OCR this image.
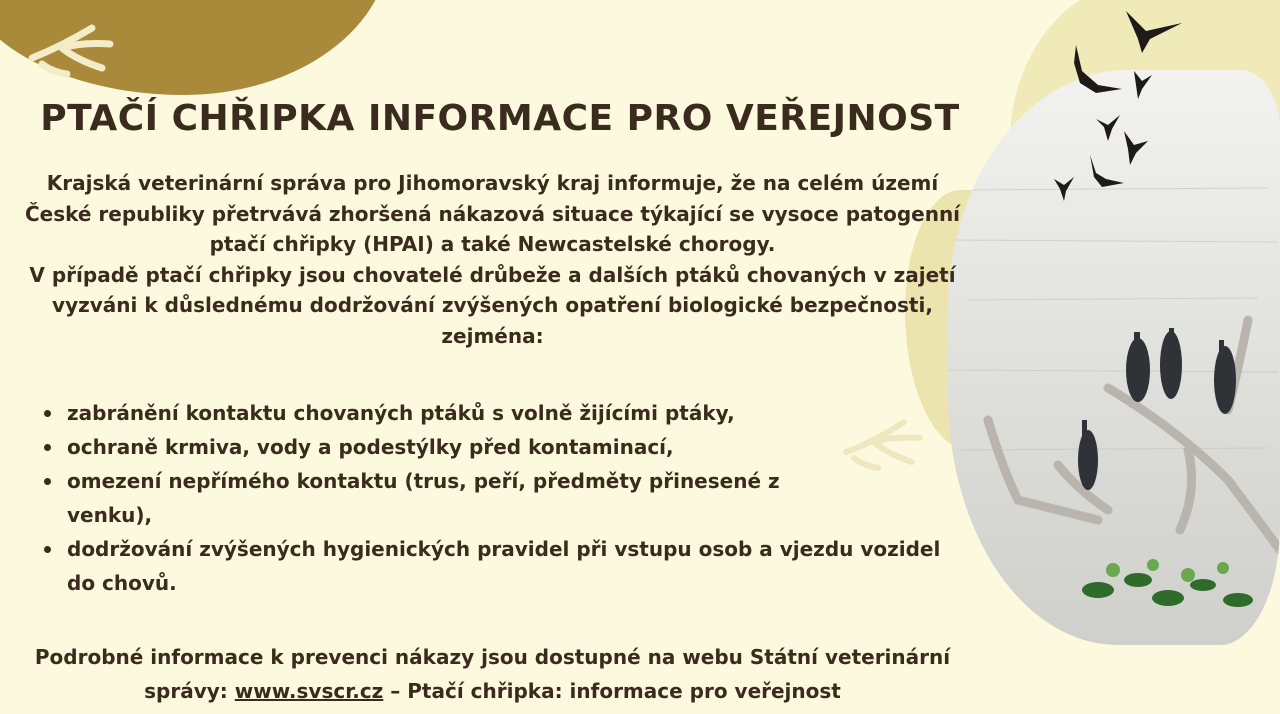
PTAČÍ CHŘIPKA INFORMACE PRO VEŘEJNOST

Krajská veterinární správa pro Jihomoravský kraj informuje, že na celém území České republiky přetrvává zhoršená nákazová situace týkající se vysoce patogenní ptačí chřipky (HPAI) a také Newcastelské chorogy.

V případě ptačí chřipky jsou chovatelé drůbeže a dalších ptáků chovaných v zajetí vyzváni k důslednému dodržování zvýšených opatření biologické bezpečnosti, zejména:

zabránění kontaktu chovaných ptáků s volně žijícími ptáky,
ochraně krmiva, vody a podestýlky před kontaminací,
omezení nepřímého kontaktu (trus, peří, předměty přinesené z venku),
dodržování zvýšených hygienických pravidel při vstupu osob a vjezdu vozidel do chovů.
Podrobné informace k prevenci nákazy jsou dostupné na webu Státní veterinární správy: www.svscr.cz – Ptačí chřipka: informace pro veřejnost
